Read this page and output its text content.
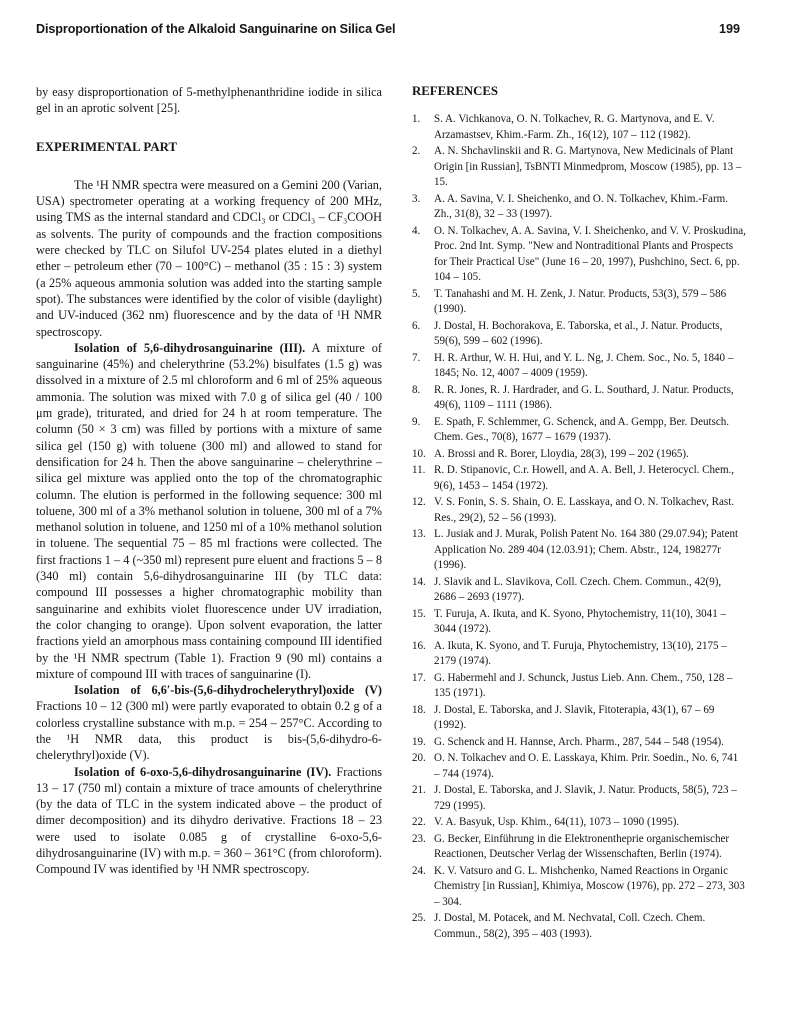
Disproportionation of the Alkaloid Sanguinarine on Silica Gel	199

by easy disproportionation of 5-methylphenanthridine iodide in silica gel in an aprotic solvent [25].

EXPERIMENTAL PART

The ¹H NMR spectra were measured on a Gemini 200 (Varian, USA) spectrometer operating at a working frequency of 200 MHz, using TMS as the internal standard and CDCl₃ or CDCl₃ – CF₃COOH as solvents. The purity of compounds and the fraction compositions were checked by TLC on Silufol UV-254 plates eluted in a diethyl ether – petroleum ether (70 – 100°C) – methanol (35 : 15 : 3) system (a 25% aqueous ammonia solution was added into the starting sample spot). The substances were identified by the color of visible (daylight) and UV-induced (362 nm) fluorescence and by the data of ¹H NMR spectroscopy.

Isolation of 5,6-dihydrosanguinarine (III). A mixture of sanguinarine (45%) and chelerythrine (53.2%) bisulfates (1.5 g) was dissolved in a mixture of 2.5 ml chloroform and 6 ml of 25% aqueous ammonia. The solution was mixed with 7.0 g of silica gel (40 / 100 μm grade), triturated, and dried for 24 h at room temperature. The column (50 × 3 cm) was filled by portions with a mixture of same silica gel (150 g) with toluene (300 ml) and allowed to stand for densification for 24 h. Then the above sanguinarine – chelerythrine – silica gel mixture was applied onto the top of the chromatographic column. The elution is performed in the following sequence: 300 ml toluene, 300 ml of a 3% methanol solution in toluene, 300 ml of a 7% methanol solution in toluene, and 1250 ml of a 10% methanol solution in toluene. The sequential 75 – 85 ml fractions were collected. The first fractions 1 – 4 (~350 ml) represent pure eluent and fractions 5 – 8 (340 ml) contain 5,6-dihydrosanguinarine III (by TLC data: compound III possesses a higher chromatographic mobility than sanguinarine and exhibits violet fluorescence under UV irradiation, the color changing to orange). Upon solvent evaporation, the latter fractions yield an amorphous mass containing compound III identified by the ¹H NMR spectrum (Table 1). Fraction 9 (90 ml) contains a mixture of compound III with traces of sanguinarine (I).

Isolation of 6,6′-bis-(5,6-dihydrochelerythryl)oxide (V) Fractions 10 – 12 (300 ml) were partly evaporated to obtain 0.2 g of a colorless crystalline substance with m.p. = 254 – 257°C. According to the ¹H NMR data, this product is bis-(5,6-dihydro-6-chelerythryl)oxide (V).

Isolation of 6-oxo-5,6-dihydrosanguinarine (IV). Fractions 13 – 17 (750 ml) contain a mixture of trace amounts of chelerythrine (by the data of TLC in the system indicated above – the product of dimer decomposition) and its dihydro derivative. Fractions 18 – 23 were used to isolate 0.085 g of crystalline 6-oxo-5,6-dihydrosanguinarine (IV) with m.p. = 360 – 361°C (from chloroform). Compound IV was identified by ¹H NMR spectroscopy.

REFERENCES
1.	S. A. Vichkanova, O. N. Tolkachev, R. G. Martynova, and E. V. Arzamastsev, Khim.-Farm. Zh., 16(12), 107 – 112 (1982).
2.	A. N. Shchavlinskii and R. G. Martynova, New Medicinals of Plant Origin [in Russian], TsBNTI Minmedprom, Moscow (1985), pp. 13 – 15.
3.	A. A. Savina, V. I. Sheichenko, and O. N. Tolkachev, Khim.-Farm. Zh., 31(8), 32 – 33 (1997).
4.	O. N. Tolkachev, A. A. Savina, V. I. Sheichenko, and V. V. Proskudina, Proc. 2nd Int. Symp. "New and Nontraditional Plants and Prospects for Their Practical Use" (June 16 – 20, 1997), Pushchino, Sect. 6, pp. 104 – 105.
5.	T. Tanahashi and M. H. Zenk, J. Natur. Products, 53(3), 579 – 586 (1990).
6.	J. Dostal, H. Bochorakova, E. Taborska, et al., J. Natur. Products, 59(6), 599 – 602 (1996).
7.	H. R. Arthur, W. H. Hui, and Y. L. Ng, J. Chem. Soc., No. 5, 1840 – 1845; No. 12, 4007 – 4009 (1959).
8.	R. R. Jones, R. J. Hardrader, and G. L. Southard, J. Natur. Products, 49(6), 1109 – 1111 (1986).
9.	E. Spath, F. Schlemmer, G. Schenck, and A. Gempp, Ber. Deutsch. Chem. Ges., 70(8), 1677 – 1679 (1937).
10. A. Brossi and R. Borer, Lloydia, 28(3), 199 – 202 (1965).
11. R. D. Stipanovic, C.r. Howell, and A. A. Bell, J. Heterocycl. Chem., 9(6), 1453 – 1454 (1972).
12. V. S. Fonin, S. S. Shain, O. E. Lasskaya, and O. N. Tolkachev, Rast. Res., 29(2), 52 – 56 (1993).
13. L. Jusiak and J. Murak, Polish Patent No. 164 380 (29.07.94); Patent Application No. 289 404 (12.03.91); Chem. Abstr., 124, 198277r (1996).
14. J. Slavik and L. Slavikova, Coll. Czech. Chem. Commun., 42(9), 2686 – 2693 (1977).
15. T. Furuja, A. Ikuta, and K. Syono, Phytochemistry, 11(10), 3041 – 3044 (1972).
16. A. Ikuta, K. Syono, and T. Furuja, Phytochemistry, 13(10), 2175 – 2179 (1974).
17. G. Habermehl and J. Schunck, Justus Lieb. Ann. Chem., 750, 128 – 135 (1971).
18. J. Dostal, E. Taborska, and J. Slavik, Fitoterapia, 43(1), 67 – 69 (1992).
19. G. Schenck and H. Hannse, Arch. Pharm., 287, 544 – 548 (1954).
20. O. N. Tolkachev and O. E. Lasskaya, Khim. Prir. Soedin., No. 6, 741 – 744 (1974).
21. J. Dostal, E. Taborska, and J. Slavik, J. Natur. Products, 58(5), 723 – 729 (1995).
22. V. A. Basyuk, Usp. Khim., 64(11), 1073 – 1090 (1995).
23. G. Becker, Einführung in die Elektronentheprie organischemischer Reactionen, Deutscher Verlag der Wissenschaften, Berlin (1974).
24. K. V. Vatsuro and G. L. Mishchenko, Named Reactions in Organic Chemistry [in Russian], Khimiya, Moscow (1976), pp. 272 – 273, 303 – 304.
25. J. Dostal, M. Potacek, and M. Nechvatal, Coll. Czech. Chem. Commun., 58(2), 395 – 403 (1993).
